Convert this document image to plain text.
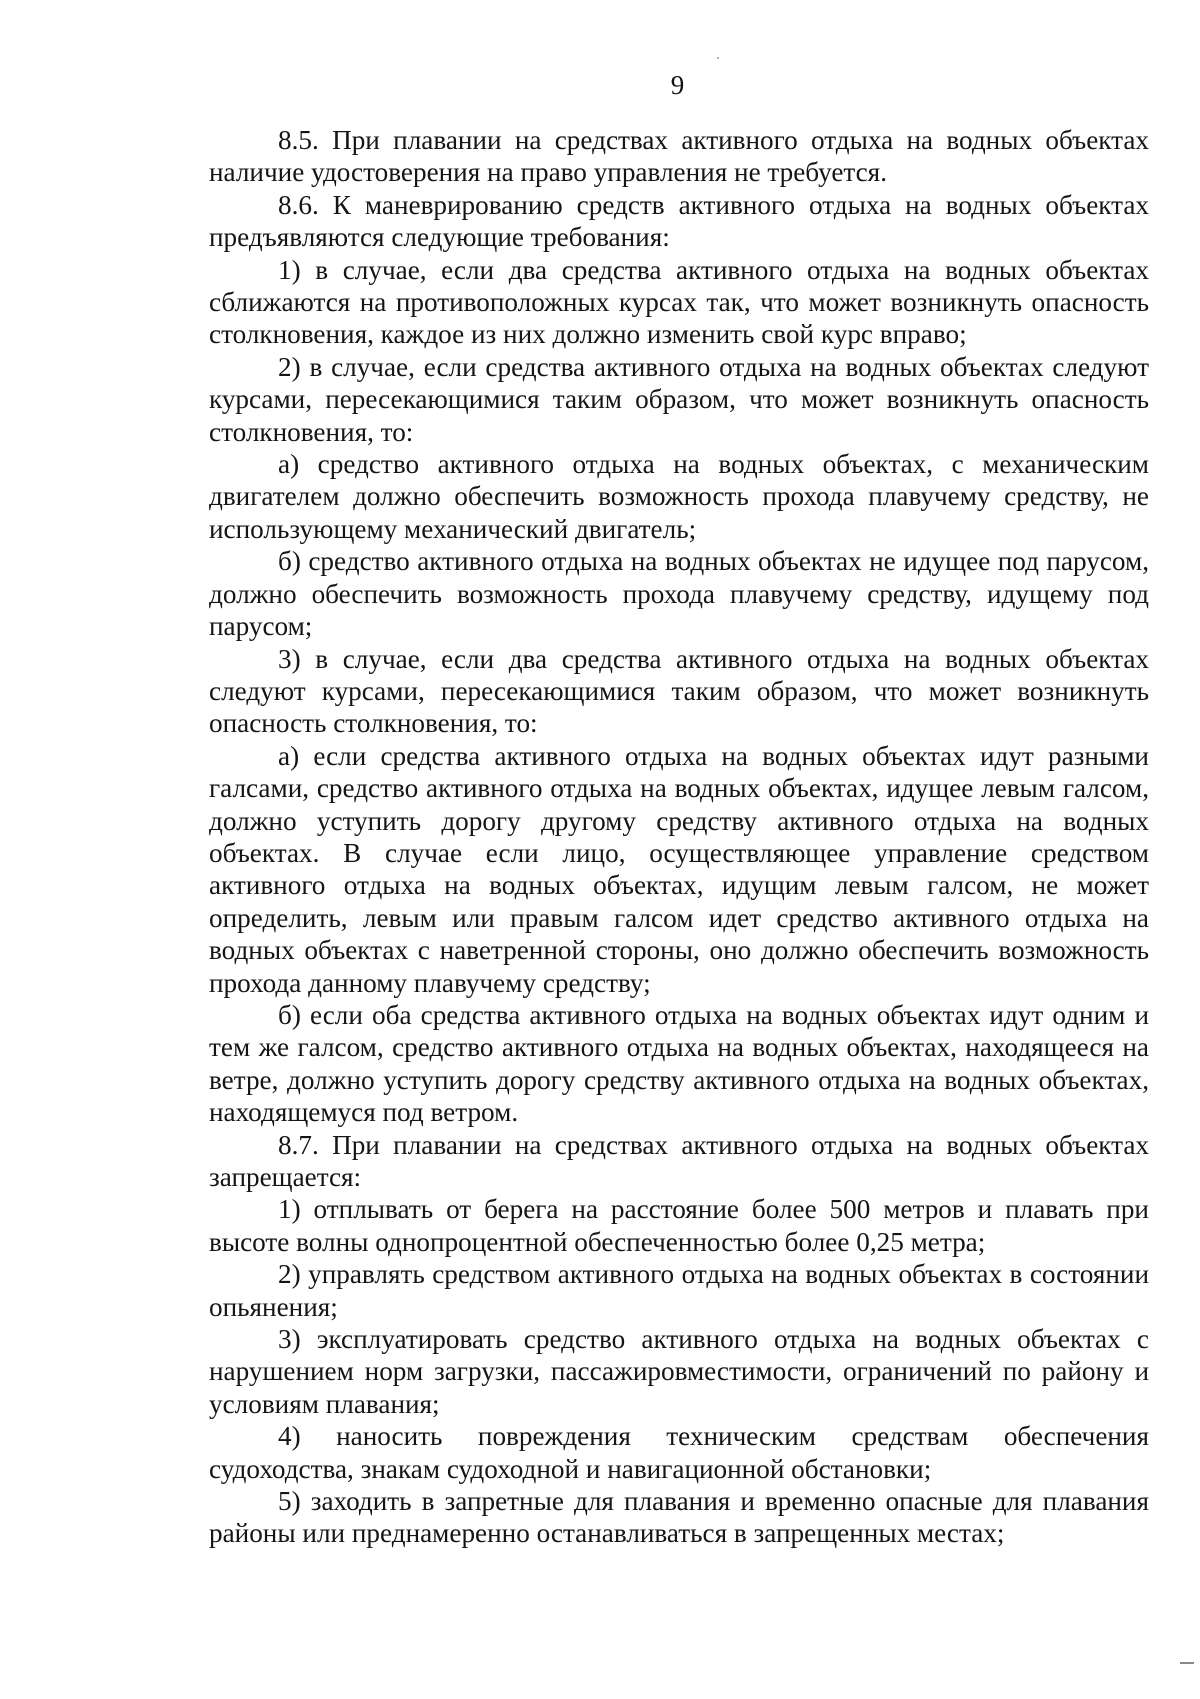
9

8.5. При плавании на средствах активного отдыха на водных объектах наличие удостоверения на право управления не требуется.

8.6. К маневрированию средств активного отдыха на водных объектах предъявляются следующие требования:

1) в случае, если два средства активного отдыха на водных объектах сближаются на противоположных курсах так, что может возникнуть опасность столкновения, каждое из них должно изменить свой курс вправо;

2) в случае, если средства активного отдыха на водных объектах следуют курсами, пересекающимися таким образом, что может возникнуть опасность столкновения, то:

а) средство активного отдыха на водных объектах, с механическим двигателем должно обеспечить возможность прохода плавучему средству, не использующему механический двигатель;

б) средство активного отдыха на водных объектах не идущее под парусом, должно обеспечить возможность прохода плавучему средству, идущему под парусом;

3) в случае, если два средства активного отдыха на водных объектах следуют курсами, пересекающимися таким образом, что может возникнуть опасность столкновения, то:

а) если средства активного отдыха на водных объектах идут разными галсами, средство активного отдыха на водных объектах, идущее левым галсом, должно уступить дорогу другому средству активного отдыха на водных объектах. В случае если лицо, осуществляющее управление средством активного отдыха на водных объектах, идущим левым галсом, не может определить, левым или правым галсом идет средство активного отдыха на водных объектах с наветренной стороны, оно должно обеспечить возможность прохода данному плавучему средству;

б) если оба средства активного отдыха на водных объектах идут одним и тем же галсом, средство активного отдыха на водных объектах, находящееся на ветре, должно уступить дорогу средству активного отдыха на водных объектах, находящемуся под ветром.

8.7. При плавании на средствах активного отдыха на водных объектах запрещается:

1) отплывать от берега на расстояние более 500 метров и плавать при высоте волны однопроцентной обеспеченностью более 0,25 метра;

2) управлять средством активного отдыха на водных объектах в состоянии опьянения;

3) эксплуатировать средство активного отдыха на водных объектах с нарушением норм загрузки, пассажировместимости, ограничений по району и условиям плавания;

4) наносить повреждения техническим средствам обеспечения судоходства, знакам судоходной и навигационной обстановки;

5) заходить в запретные для плавания и временно опасные для плавания районы или преднамеренно останавливаться в запрещенных местах;
